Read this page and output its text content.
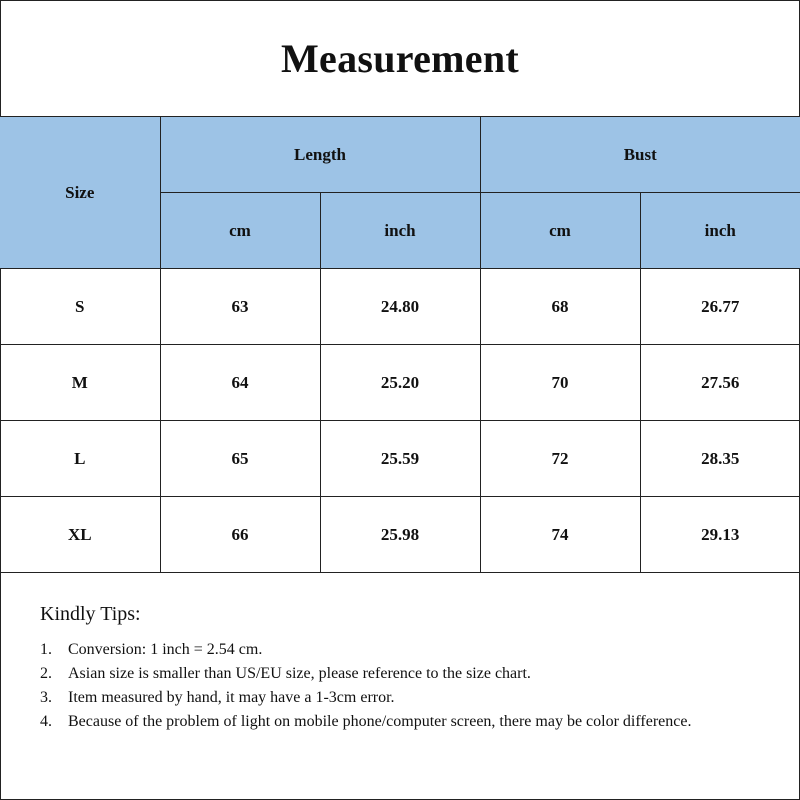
Measurement
Size	Length		Bust	
	cm	inch	cm	inch
S	63	24.80	68	26.77
M	64	25.20	70	27.56
L	65	25.59	72	28.35
XL	66	25.98	74	29.13
Kindly Tips:
1.	Conversion: 1 inch = 2.54 cm.
2.	Asian size is smaller than US/EU size, please reference to the size chart.
3.	Item measured by hand, it may have a 1-3cm error.
4.	Because of the problem of light on mobile phone/computer screen, there may be color difference.
